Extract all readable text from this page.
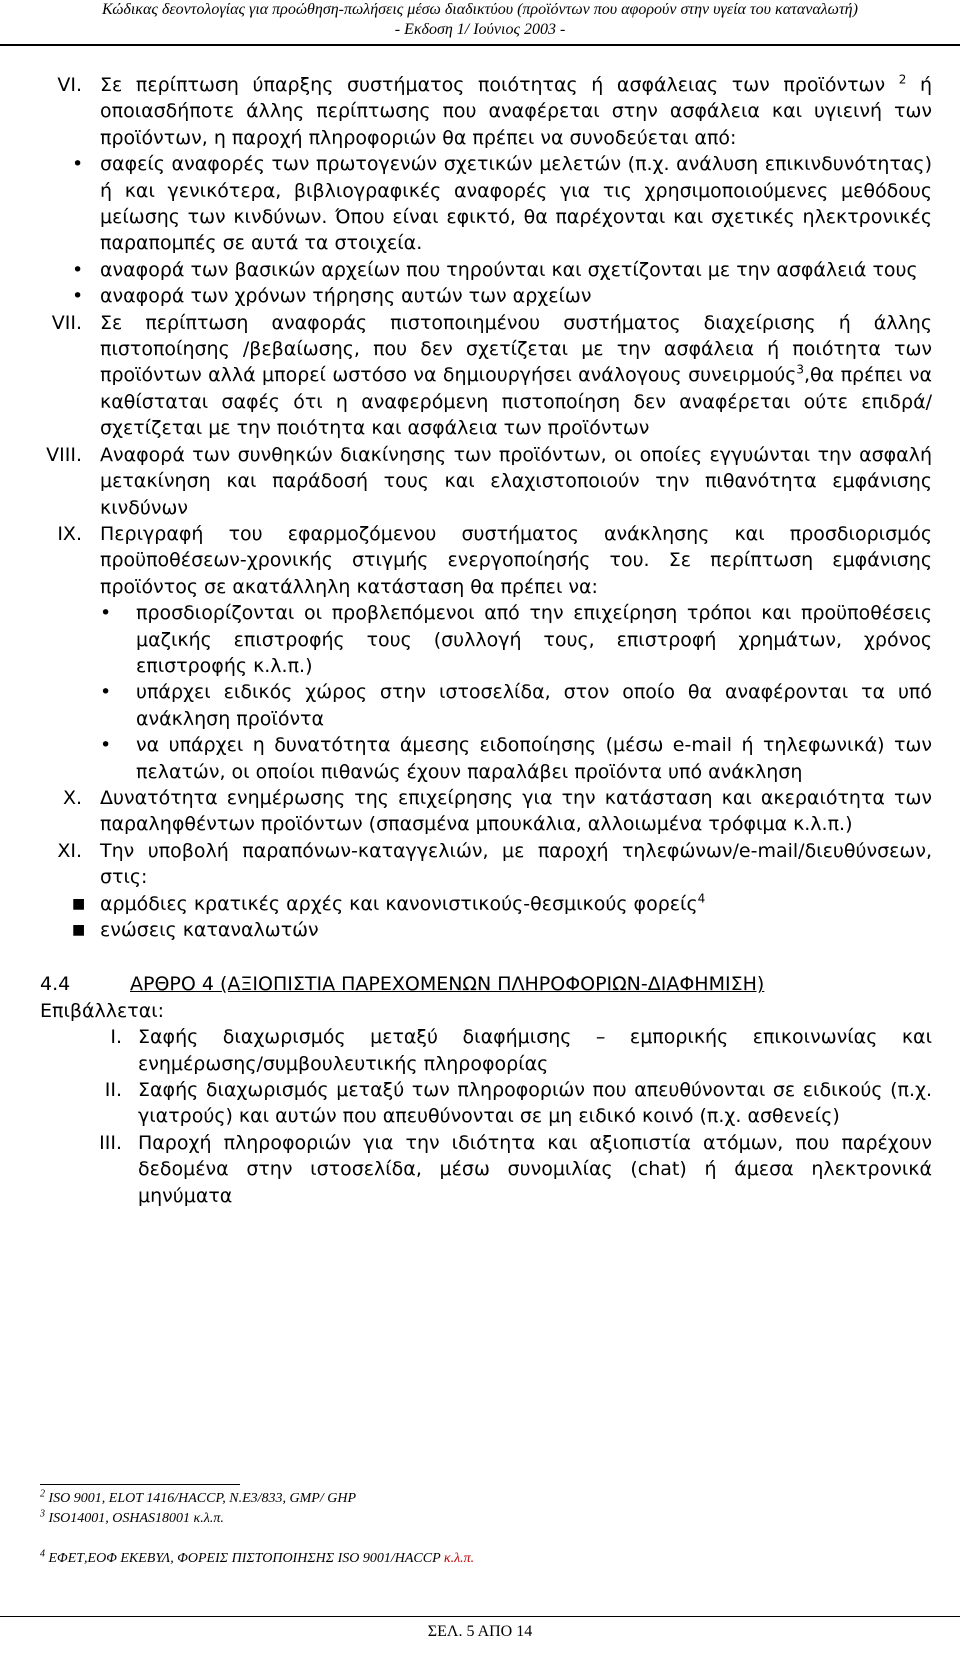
Κώδικας δεοντολογίας για προώθηση-πωλήσεις μέσω διαδικτύου (προϊόντων που αφορούν στην υγεία του καταναλωτή)
- Εκδοση 1/ Ιούνιος 2003 -
VI. Σε περίπτωση ύπαρξης συστήματος ποιότητας ή ασφάλειας των προϊόντων $^2$ ή οποιασδήποτε άλλης περίπτωσης που αναφέρεται στην ασφάλεια και υγιεινή των προϊόντων, η παροχή πληροφοριών θα πρέπει να συνοδεύεται από:
• σαφείς αναφορές των πρωτογενών σχετικών μελετών (π.χ. ανάλυση επικινδυνότητας) ή και γενικότερα, βιβλιογραφικές αναφορές για τις χρησιμοποιούμενες μεθόδους μείωσης των κινδύνων. Όπου είναι εφικτό, θα παρέχονται και σχετικές ηλεκτρονικές παραπομπές σε αυτά τα στοιχεία.
• αναφορά των βασικών αρχείων που τηρούνται και σχετίζονται με την ασφάλειά τους
• αναφορά των χρόνων τήρησης αυτών των αρχείων
VII. Σε περίπτωση αναφοράς πιστοποιημένου συστήματος διαχείρισης ή άλλης πιστοποίησης /βεβαίωσης, που δεν σχετίζεται με την ασφάλεια ή ποιότητα των προϊόντων αλλά μπορεί ωστόσο να δημιουργήσει ανάλογους συνειρμούς$^3$,θα πρέπει να καθίσταται σαφές ότι η αναφερόμενη πιστοποίηση δεν αναφέρεται ούτε επιδρά/σχετίζεται με την ποιότητα και ασφάλεια των προϊόντων
VIII. Αναφορά των συνθηκών διακίνησης των προϊόντων, οι οποίες εγγυώνται την ασφαλή μετακίνηση και παράδοσή τους και ελαχιστοποιούν την πιθανότητα εμφάνισης κινδύνων
IX. Περιγραφή του εφαρμοζόμενου συστήματος ανάκλησης και προσδιορισμός προϋποθέσεων-χρονικής στιγμής ενεργοποίησής του. Σε περίπτωση εμφάνισης προϊόντος σε ακατάλληλη κατάσταση θα πρέπει να:
•	προσδιορίζονται οι προβλεπόμενοι από την επιχείρηση τρόποι και προϋποθέσεις μαζικής επιστροφής τους (συλλογή τους, επιστροφή χρημάτων, χρόνος επιστροφής κ.λ.π.)
•	υπάρχει ειδικός χώρος στην ιστοσελίδα, στον οποίο θα αναφέρονται τα υπό ανάκληση προϊόντα
•	να υπάρχει η δυνατότητα άμεσης ειδοποίησης (μέσω e-mail ή τηλεφωνικά) των πελατών, οι οποίοι πιθανώς έχουν παραλάβει προϊόντα υπό ανάκληση
X. Δυνατότητα ενημέρωσης της επιχείρησης για την κατάσταση και ακεραιότητα των παραληφθέντων προϊόντων (σπασμένα μπουκάλια, αλλοιωμένα τρόφιμα κ.λ.π.)
XI. Την υποβολή παραπόνων-καταγγελιών, με παροχή τηλεφώνων/e-mail/διευθύνσεων, στις:
■ αρμόδιες κρατικές αρχές και κανονιστικούς-θεσμικούς φορείς$^4$
■ ενώσεις καταναλωτών
4.4	ΑΡΘΡΟ 4 (ΑΞΙΟΠΙΣΤΙΑ ΠΑΡΕΧΟΜΕΝΩΝ ΠΛΗΡΟΦΟΡΙΩΝ-ΔΙΑΦΗΜΙΣΗ)
Επιβάλλεται:
I. Σαφής διαχωρισμός μεταξύ διαφήμισης – εμπορικής επικοινωνίας και ενημέρωσης/συμβουλευτικής πληροφορίας
II. Σαφής διαχωρισμός μεταξύ των πληροφοριών που απευθύνονται σε ειδικούς (π.χ. γιατρούς) και αυτών που απευθύνονται σε μη ειδικό κοινό (π.χ. ασθενείς)
III. Παροχή πληροφοριών για την ιδιότητα και αξιοπιστία ατόμων, που παρέχουν δεδομένα στην ιστοσελίδα, μέσω συνομιλίας (chat) ή άμεσα ηλεκτρονικά μηνύματα
$^2$ ISO 9001, ELOT 1416/HACCP, N.E3/833, GMP/ GHP
$^3$ ISO14001, OSHAS18001 κ.λ.π.
$^4$ ΕΦΕΤ,ΕΟΦ ΕΚΕΒΥΛ, ΦΟΡΕΙΣ ΠΙΣΤΟΠΟΙΗΣΗΣ ISO 9001/HACCP κ.λ.π.
ΣΕΛ. 5 ΑΠΟ 14
